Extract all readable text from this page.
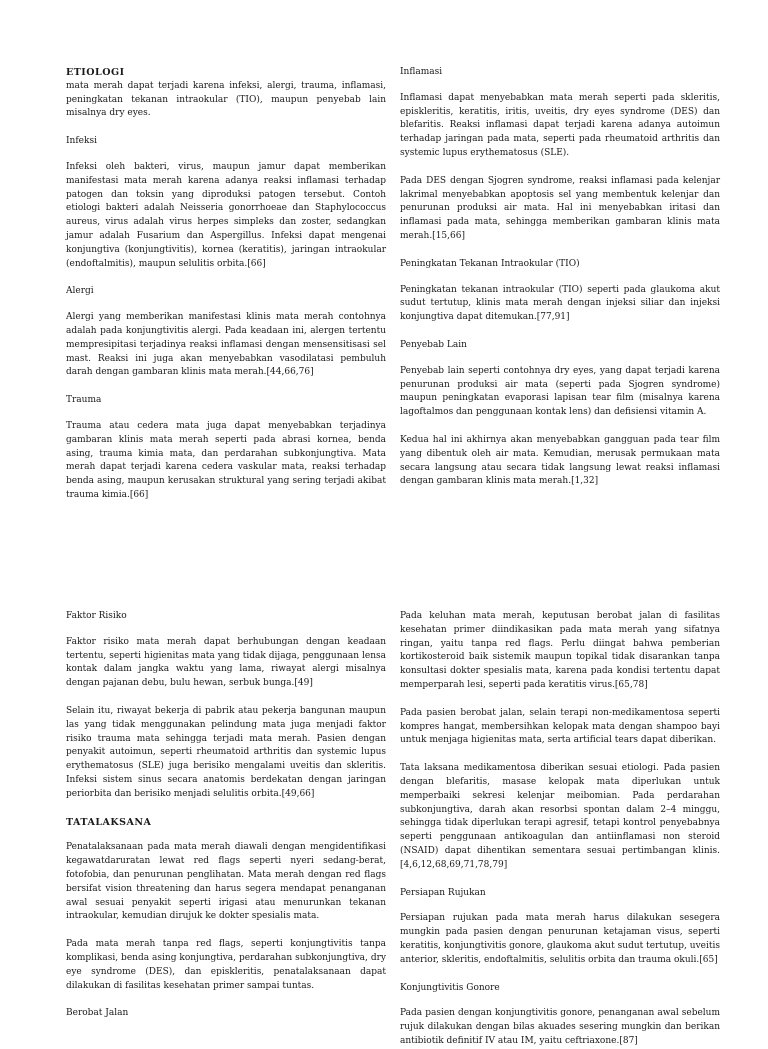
ETIOLOGI

mata merah dapat terjadi karena infeksi, alergi, trauma, inflamasi, peningkatan tekanan intraokular (TIO), maupun penyebab lain misalnya dry eyes.

Infeksi

Infeksi oleh bakteri, virus, maupun jamur dapat memberikan manifestasi mata merah karena adanya reaksi inflamasi terhadap patogen dan toksin yang diproduksi patogen tersebut. Contoh etiologi bakteri adalah Neisseria gonorrhoeae dan Staphylococcus aureus, virus adalah virus herpes simpleks dan zoster, sedangkan jamur adalah Fusarium dan Aspergillus. Infeksi dapat mengenai konjungtiva (konjungtivitis), kornea (keratitis), jaringan intraokular (endoftalmitis), maupun selulitis orbita.[66]

Alergi

Alergi yang memberikan manifestasi klinis mata merah contohnya adalah pada konjungtivitis alergi. Pada keadaan ini, alergen tertentu mempresipitasi terjadinya reaksi inflamasi dengan mensensitisasi sel mast. Reaksi ini juga akan menyebabkan vasodilatasi pembuluh darah dengan gambaran klinis mata merah.[44,66,76]

Trauma

Trauma atau cedera mata juga dapat menyebabkan terjadinya gambaran klinis mata merah seperti pada abrasi kornea, benda asing, trauma kimia mata, dan perdarahan subkonjungtiva. Mata merah dapat terjadi karena cedera vaskular mata, reaksi terhadap benda asing, maupun kerusakan struktural yang sering terjadi akibat trauma kimia.[66]

Inflamasi

Inflamasi dapat menyebabkan mata merah seperti pada skleritis, episkleritis, keratitis, iritis, uveitis, dry eyes syndrome (DES) dan blefaritis. Reaksi inflamasi dapat terjadi karena adanya autoimun terhadap jaringan pada mata, seperti pada rheumatoid arthritis dan systemic lupus erythematosus (SLE).

Pada DES dengan Sjogren syndrome, reaksi inflamasi pada kelenjar lakrimal menyebabkan apoptosis sel yang membentuk kelenjar dan penurunan produksi air mata. Hal ini menyebabkan iritasi dan inflamasi pada mata, sehingga memberikan gambaran klinis mata merah.[15,66]

Peningkatan Tekanan Intraokular (TIO)

Peningkatan tekanan intraokular (TIO) seperti pada glaukoma akut sudut tertutup, klinis mata merah dengan injeksi siliar dan injeksi konjungtiva dapat ditemukan.[77,91]

Penyebab Lain

Penyebab lain seperti contohnya dry eyes, yang dapat terjadi karena penurunan produksi air mata (seperti pada Sjogren syndrome) maupun peningkatan evaporasi lapisan tear film (misalnya karena lagoftalmos dan penggunaan kontak lens) dan defisiensi vitamin A.

Kedua hal ini akhirnya akan menyebabkan gangguan pada tear film yang dibentuk oleh air mata. Kemudian, merusak permukaan mata secara langsung atau secara tidak langsung lewat reaksi inflamasi dengan gambaran klinis mata merah.[1,32]

Faktor Risiko

Faktor risiko mata merah dapat berhubungan dengan keadaan tertentu, seperti higienitas mata yang tidak dijaga, penggunaan lensa kontak dalam jangka waktu yang lama, riwayat alergi misalnya dengan pajanan debu, bulu hewan, serbuk bunga.[49]

Selain itu, riwayat bekerja di pabrik atau pekerja bangunan maupun las yang tidak menggunakan pelindung mata juga menjadi faktor risiko trauma mata sehingga terjadi mata merah. Pasien dengan penyakit autoimun, seperti rheumatoid arthritis dan systemic lupus erythematosus (SLE) juga berisiko mengalami uveitis dan skleritis. Infeksi sistem sinus secara anatomis berdekatan dengan jaringan periorbita dan berisiko menjadi selulitis orbita.[49,66]

TATALAKSANA

Penatalaksanaan pada mata merah diawali dengan mengidentifikasi kegawatdaruratan lewat red flags seperti nyeri sedang-berat, fotofobia, dan penurunan penglihatan. Mata merah dengan red flags bersifat vision threatening dan harus segera mendapat penanganan awal sesuai penyakit seperti irigasi atau menurunkan tekanan intraokular, kemudian dirujuk ke dokter spesialis mata.

Pada mata merah tanpa red flags, seperti konjungtivitis tanpa komplikasi, benda asing konjungtiva, perdarahan subkonjungtiva, dry eye syndrome (DES), dan episkleritis, penatalaksanaan dapat dilakukan di fasilitas kesehatan primer sampai tuntas.

Berobat Jalan

Pada keluhan mata merah, keputusan berobat jalan di fasilitas kesehatan primer diindikasikan pada mata merah yang sifatnya ringan, yaitu tanpa red flags. Perlu diingat bahwa pemberian kortikosteroid baik sistemik maupun topikal tidak disarankan tanpa konsultasi dokter spesialis mata, karena pada kondisi tertentu dapat memperparah lesi, seperti pada keratitis virus.[65,78]

Pada pasien berobat jalan, selain terapi non-medikamentosa seperti kompres hangat, membersihkan kelopak mata dengan shampoo bayi untuk menjaga higienitas mata, serta artificial tears dapat diberikan.

Tata laksana medikamentosa diberikan sesuai etiologi. Pada pasien dengan blefaritis, masase kelopak mata diperlukan untuk memperbaiki sekresi kelenjar meibomian. Pada perdarahan subkonjungtiva, darah akan resorbsi spontan dalam 2–4 minggu, sehingga tidak diperlukan terapi agresif, tetapi kontrol penyebabnya seperti penggunaan antikoagulan dan antiinflamasi non steroid (NSAID) dapat dihentikan sementara sesuai pertimbangan klinis.[4,6,12,68,69,71,78,79]

Persiapan Rujukan

Persiapan rujukan pada mata merah harus dilakukan sesegera mungkin pada pasien dengan penurunan ketajaman visus, seperti keratitis, konjungtivitis gonore, glaukoma akut sudut tertutup, uveitis anterior, skleritis, endoftalmitis, selulitis orbita dan trauma okuli.[65]

Konjungtivitis Gonore

Pada pasien dengan konjungtivitis gonore, penanganan awal sebelum rujuk dilakukan dengan bilas akuades sesering mungkin dan berikan antibiotik definitif IV atau IM, yaitu ceftriaxone.[87]
